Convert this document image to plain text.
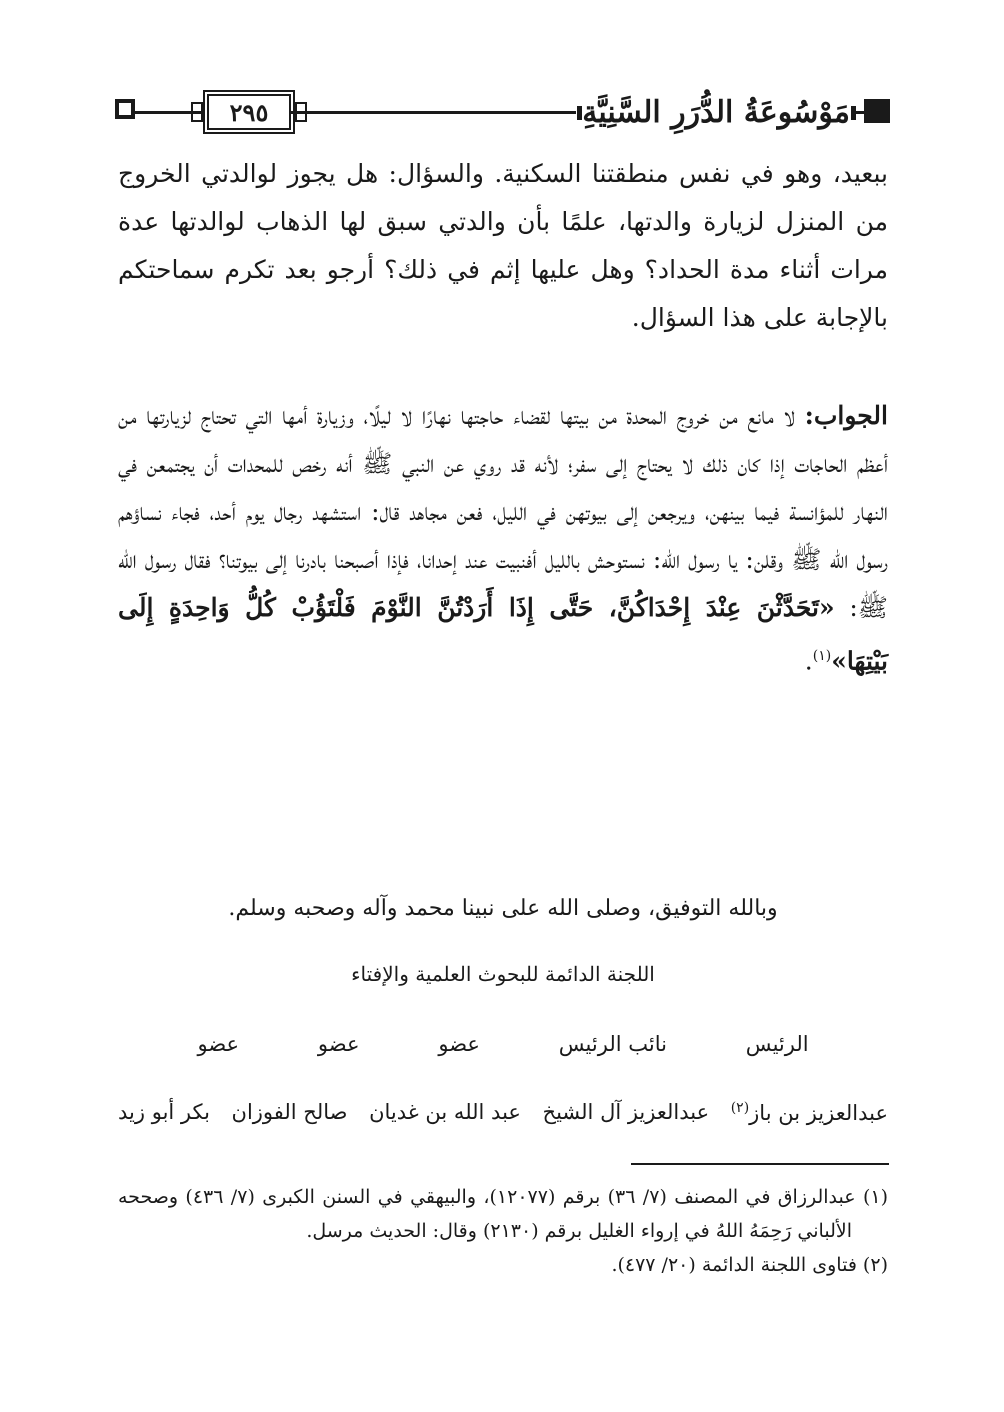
٢٩٥	مَوْسُوعَةُ الدُّرَرِ السَّنِيَّةِ

ببعيد، وهو في نفس منطقتنا السكنية. والسؤال: هل يجوز لوالدتي الخروج من المنزل لزيارة والدتها، علمًا بأن والدتي سبق لها الذهاب لوالدتها عدة مرات أثناء مدة الحداد؟ وهل عليها إثم في ذلك؟ أرجو بعد تكرم سماحتكم بالإجابة على هذا السؤال.

الجواب: لا مانع من خروج المحدة من بيتها لقضاء حاجتها نهارًا لا ليلًا، وزيارة أمها التي تحتاج لزيارتها من أعظم الحاجات إذا كان ذلك لا يحتاج إلى سفر؛ لأنه قد روي عن النبي ﷺ أنه رخص للمحدات أن يجتمعن في النهار للمؤانسة فيما بينهن، ويرجعن إلى بيوتهن في الليل، فعن مجاهد قال: استشهد رجال يوم أحد، فجاء نساؤهم رسول الله ﷺ وقلن: يا رسول الله: نستوحش بالليل أفنبيت عند إحدانا، فإذا أصبحنا بادرنا إلى بيوتنا؟ فقال رسول الله ﷺ: «تَحَدَّثْنَ عِنْدَ إِحْدَاكُنَّ، حَتَّى إِذَا أَرَدْتُنَّ النَّوْمَ فَلْتَؤُبْ كُلُّ وَاحِدَةٍ إِلَى بَيْتِهَا»$^{(١)}$.

وبالله التوفيق، وصلى الله على نبينا محمد وآله وصحبه وسلم.
اللجنة الدائمة للبحوث العلمية والإفتاء
الرئيس
نائب الرئيس
عضو
عضو
عضو
عبدالعزيز بن باز$^{(٢)}$
عبدالعزيز آل الشيخ
عبد الله بن غديان
صالح الفوزان
بكر أبو زيد

(١) عبدالرزاق في المصنف (٧/ ٣٦) برقم (١٢٠٧٧)، والبيهقي في السنن الكبرى (٧/ ٤٣٦) وصححه الألباني رَحِمَهُ اللهُ في إرواء الغليل برقم (٢١٣٠) وقال: الحديث مرسل.

(٢) فتاوى اللجنة الدائمة (٢٠/ ٤٧٧).
